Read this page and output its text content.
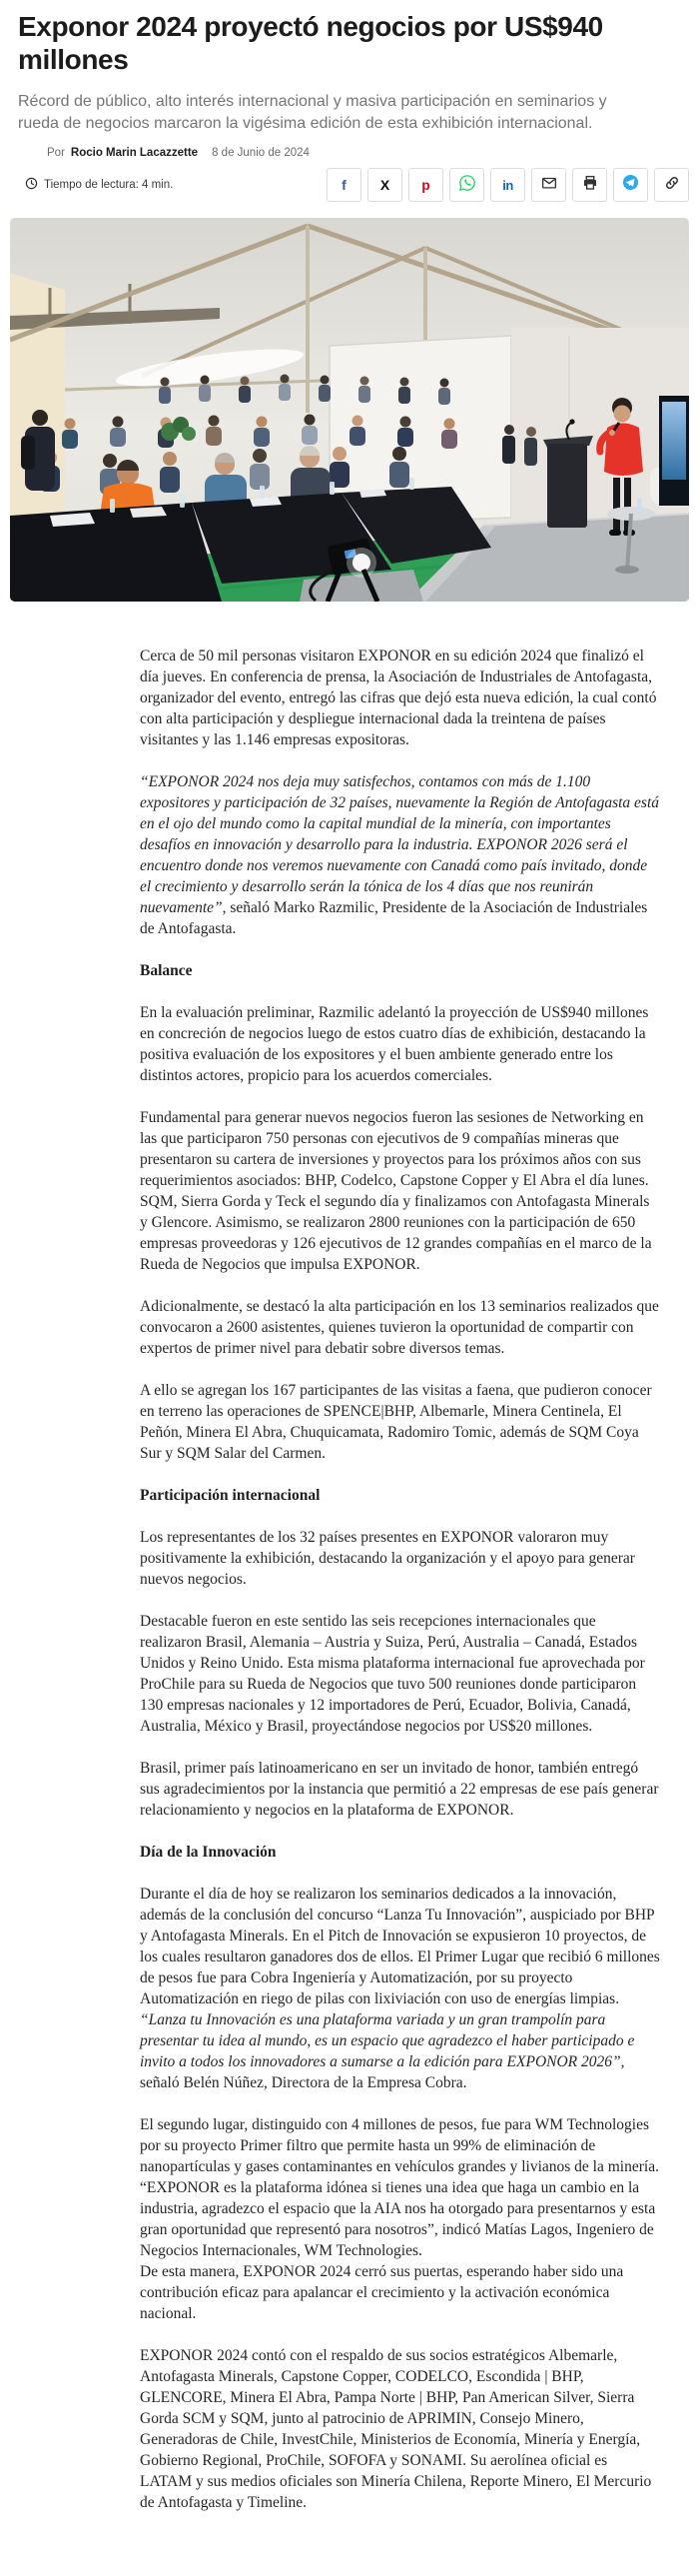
Exponor 2024 proyectó negocios por US$940 millones

Récord de público, alto interés internacional y masiva participación en seminarios y rueda de negocios marcaron la vigésima edición de esta exhibición internacional.

Por Rocio Marin Lacazzette 8 de Junio de 2024
Tiempo de lectura: 4 min.	f X p	in

Cerca de 50 mil personas visitaron EXPONOR en su edición 2024 que finalizó el día jueves. En conferencia de prensa, la Asociación de Industriales de Antofagasta, organizador del evento, entregó las cifras que dejó esta nueva edición, la cual contó con alta participación y despliegue internacional dada la treintena de países visitantes y las 1.146 empresas expositoras.

“EXPONOR 2024 nos deja muy satisfechos, contamos con más de 1.100 expositores y participación de 32 países, nuevamente la Región de Antofagasta está en el ojo del mundo como la capital mundial de la minería, con importantes desafíos en innovación y desarrollo para la industria. EXPONOR 2026 será el encuentro donde nos veremos nuevamente con Canadá como país invitado, donde el crecimiento y desarrollo serán la tónica de los 4 días que nos reunirán nuevamente”, señaló Marko Razmilic, Presidente de la Asociación de Industriales de Antofagasta.

Balance

En la evaluación preliminar, Razmilic adelantó la proyección de US$940 millones en concreción de negocios luego de estos cuatro días de exhibición, destacando la positiva evaluación de los expositores y el buen ambiente generado entre los distintos actores, propicio para los acuerdos comerciales.

Fundamental para generar nuevos negocios fueron las sesiones de Networking en las que participaron 750 personas con ejecutivos de 9 compañías mineras que presentaron su cartera de inversiones y proyectos para los próximos años con sus requerimientos asociados: BHP, Codelco, Capstone Copper y El Abra el día lunes. SQM, Sierra Gorda y Teck el segundo día y finalizamos con Antofagasta Minerals y Glencore. Asimismo, se realizaron 2800 reuniones con la participación de 650 empresas proveedoras y 126 ejecutivos de 12 grandes compañías en el marco de la Rueda de Negocios que impulsa EXPONOR.

Adicionalmente, se destacó la alta participación en los 13 seminarios realizados que convocaron a 2600 asistentes, quienes tuvieron la oportunidad de compartir con expertos de primer nivel para debatir sobre diversos temas.

A ello se agregan los 167 participantes de las visitas a faena, que pudieron conocer en terreno las operaciones de SPENCE|BHP, Albemarle, Minera Centinela, El Peñón, Minera El Abra, Chuquicamata, Radomiro Tomic, además de SQM Coya Sur y SQM Salar del Carmen.

Participación internacional

Los representantes de los 32 países presentes en EXPONOR valoraron muy positivamente la exhibición, destacando la organización y el apoyo para generar nuevos negocios.

Destacable fueron en este sentido las seis recepciones internacionales que realizaron Brasil, Alemania – Austria y Suiza, Perú, Australia – Canadá, Estados Unidos y Reino Unido. Esta misma plataforma internacional fue aprovechada por ProChile para su Rueda de Negocios que tuvo 500 reuniones donde participaron 130 empresas nacionales y 12 importadores de Perú, Ecuador, Bolivia, Canadá, Australia, México y Brasil, proyectándose negocios por US$20 millones.

Brasil, primer país latinoamericano en ser un invitado de honor, también entregó sus agradecimientos por la instancia que permitió a 22 empresas de ese país generar relacionamiento y negocios en la plataforma de EXPONOR.

Día de la Innovación

Durante el día de hoy se realizaron los seminarios dedicados a la innovación, además de la conclusión del concurso “Lanza Tu Innovación”, auspiciado por BHP y Antofagasta Minerals. En el Pitch de Innovación se expusieron 10 proyectos, de los cuales resultaron ganadores dos de ellos. El Primer Lugar que recibió 6 millones de pesos fue para Cobra Ingeniería y Automatización, por su proyecto Automatización en riego de pilas con lixiviación con uso de energías limpias. “Lanza tu Innovación es una plataforma variada y un gran trampolín para presentar tu idea al mundo, es un espacio que agradezco el haber participado e invito a todos los innovadores a sumarse a la edición para EXPONOR 2026”, señaló Belén Núñez, Directora de la Empresa Cobra.

El segundo lugar, distinguido con 4 millones de pesos, fue para WM Technologies por su proyecto Primer filtro que permite hasta un 99% de eliminación de nanopartículas y gases contaminantes en vehículos grandes y livianos de la minería. “EXPONOR es la plataforma idónea si tienes una idea que haga un cambio en la industria, agradezco el espacio que la AIA nos ha otorgado para presentarnos y esta gran oportunidad que representó para nosotros”, indicó Matías Lagos, Ingeniero de Negocios Internacionales, WM Technologies.
De esta manera, EXPONOR 2024 cerró sus puertas, esperando haber sido una contribución eficaz para apalancar el crecimiento y la activación económica nacional.

EXPONOR 2024 contó con el respaldo de sus socios estratégicos Albemarle, Antofagasta Minerals, Capstone Copper, CODELCO, Escondida | BHP, GLENCORE, Minera El Abra, Pampa Norte | BHP, Pan American Silver, Sierra Gorda SCM y SQM, junto al patrocinio de APRIMIN, Consejo Minero, Generadoras de Chile, InvestChile, Ministerios de Economía, Minería y Energía, Gobierno Regional, ProChile, SOFOFA y SONAMI. Su aerolínea oficial es LATAM y sus medios oficiales son Minería Chilena, Reporte Minero, El Mercurio de Antofagasta y Timeline.
